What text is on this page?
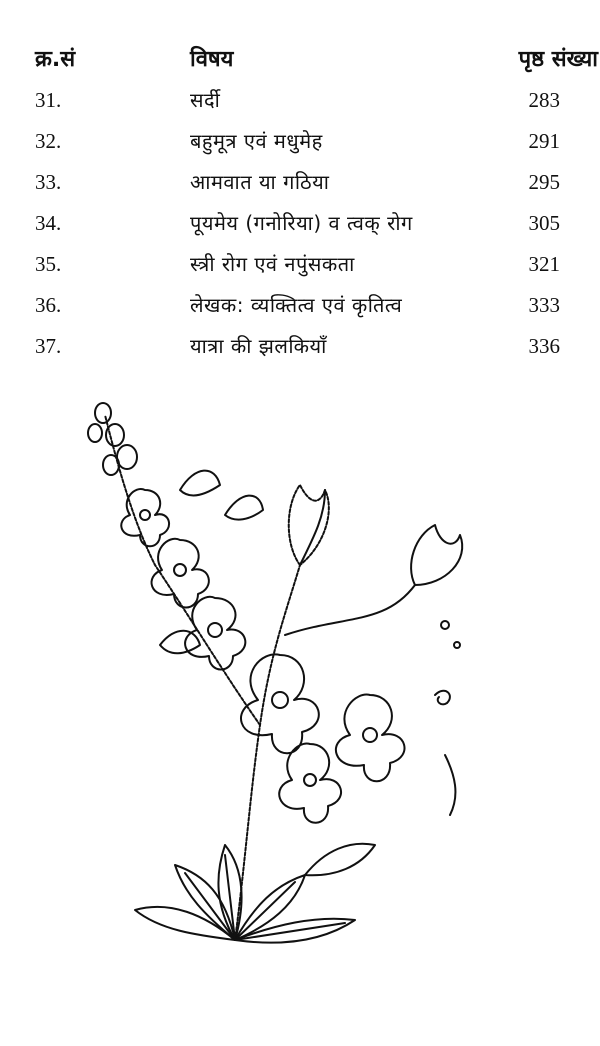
क्र.सं	विषय	पृष्ठ संख्या
31.	सर्दी	283
32.	बहुमूत्र एवं मधुमेह	291
33.	आमवात या गठिया	295
34.	पूयमेय (गनोरिया) व त्वक् रोग	305
35.	स्त्री रोग एवं नपुंसकता	321
36.	लेखक: व्यक्तित्व एवं कृतित्व	333
37.	यात्रा की झलकियाँ	336
